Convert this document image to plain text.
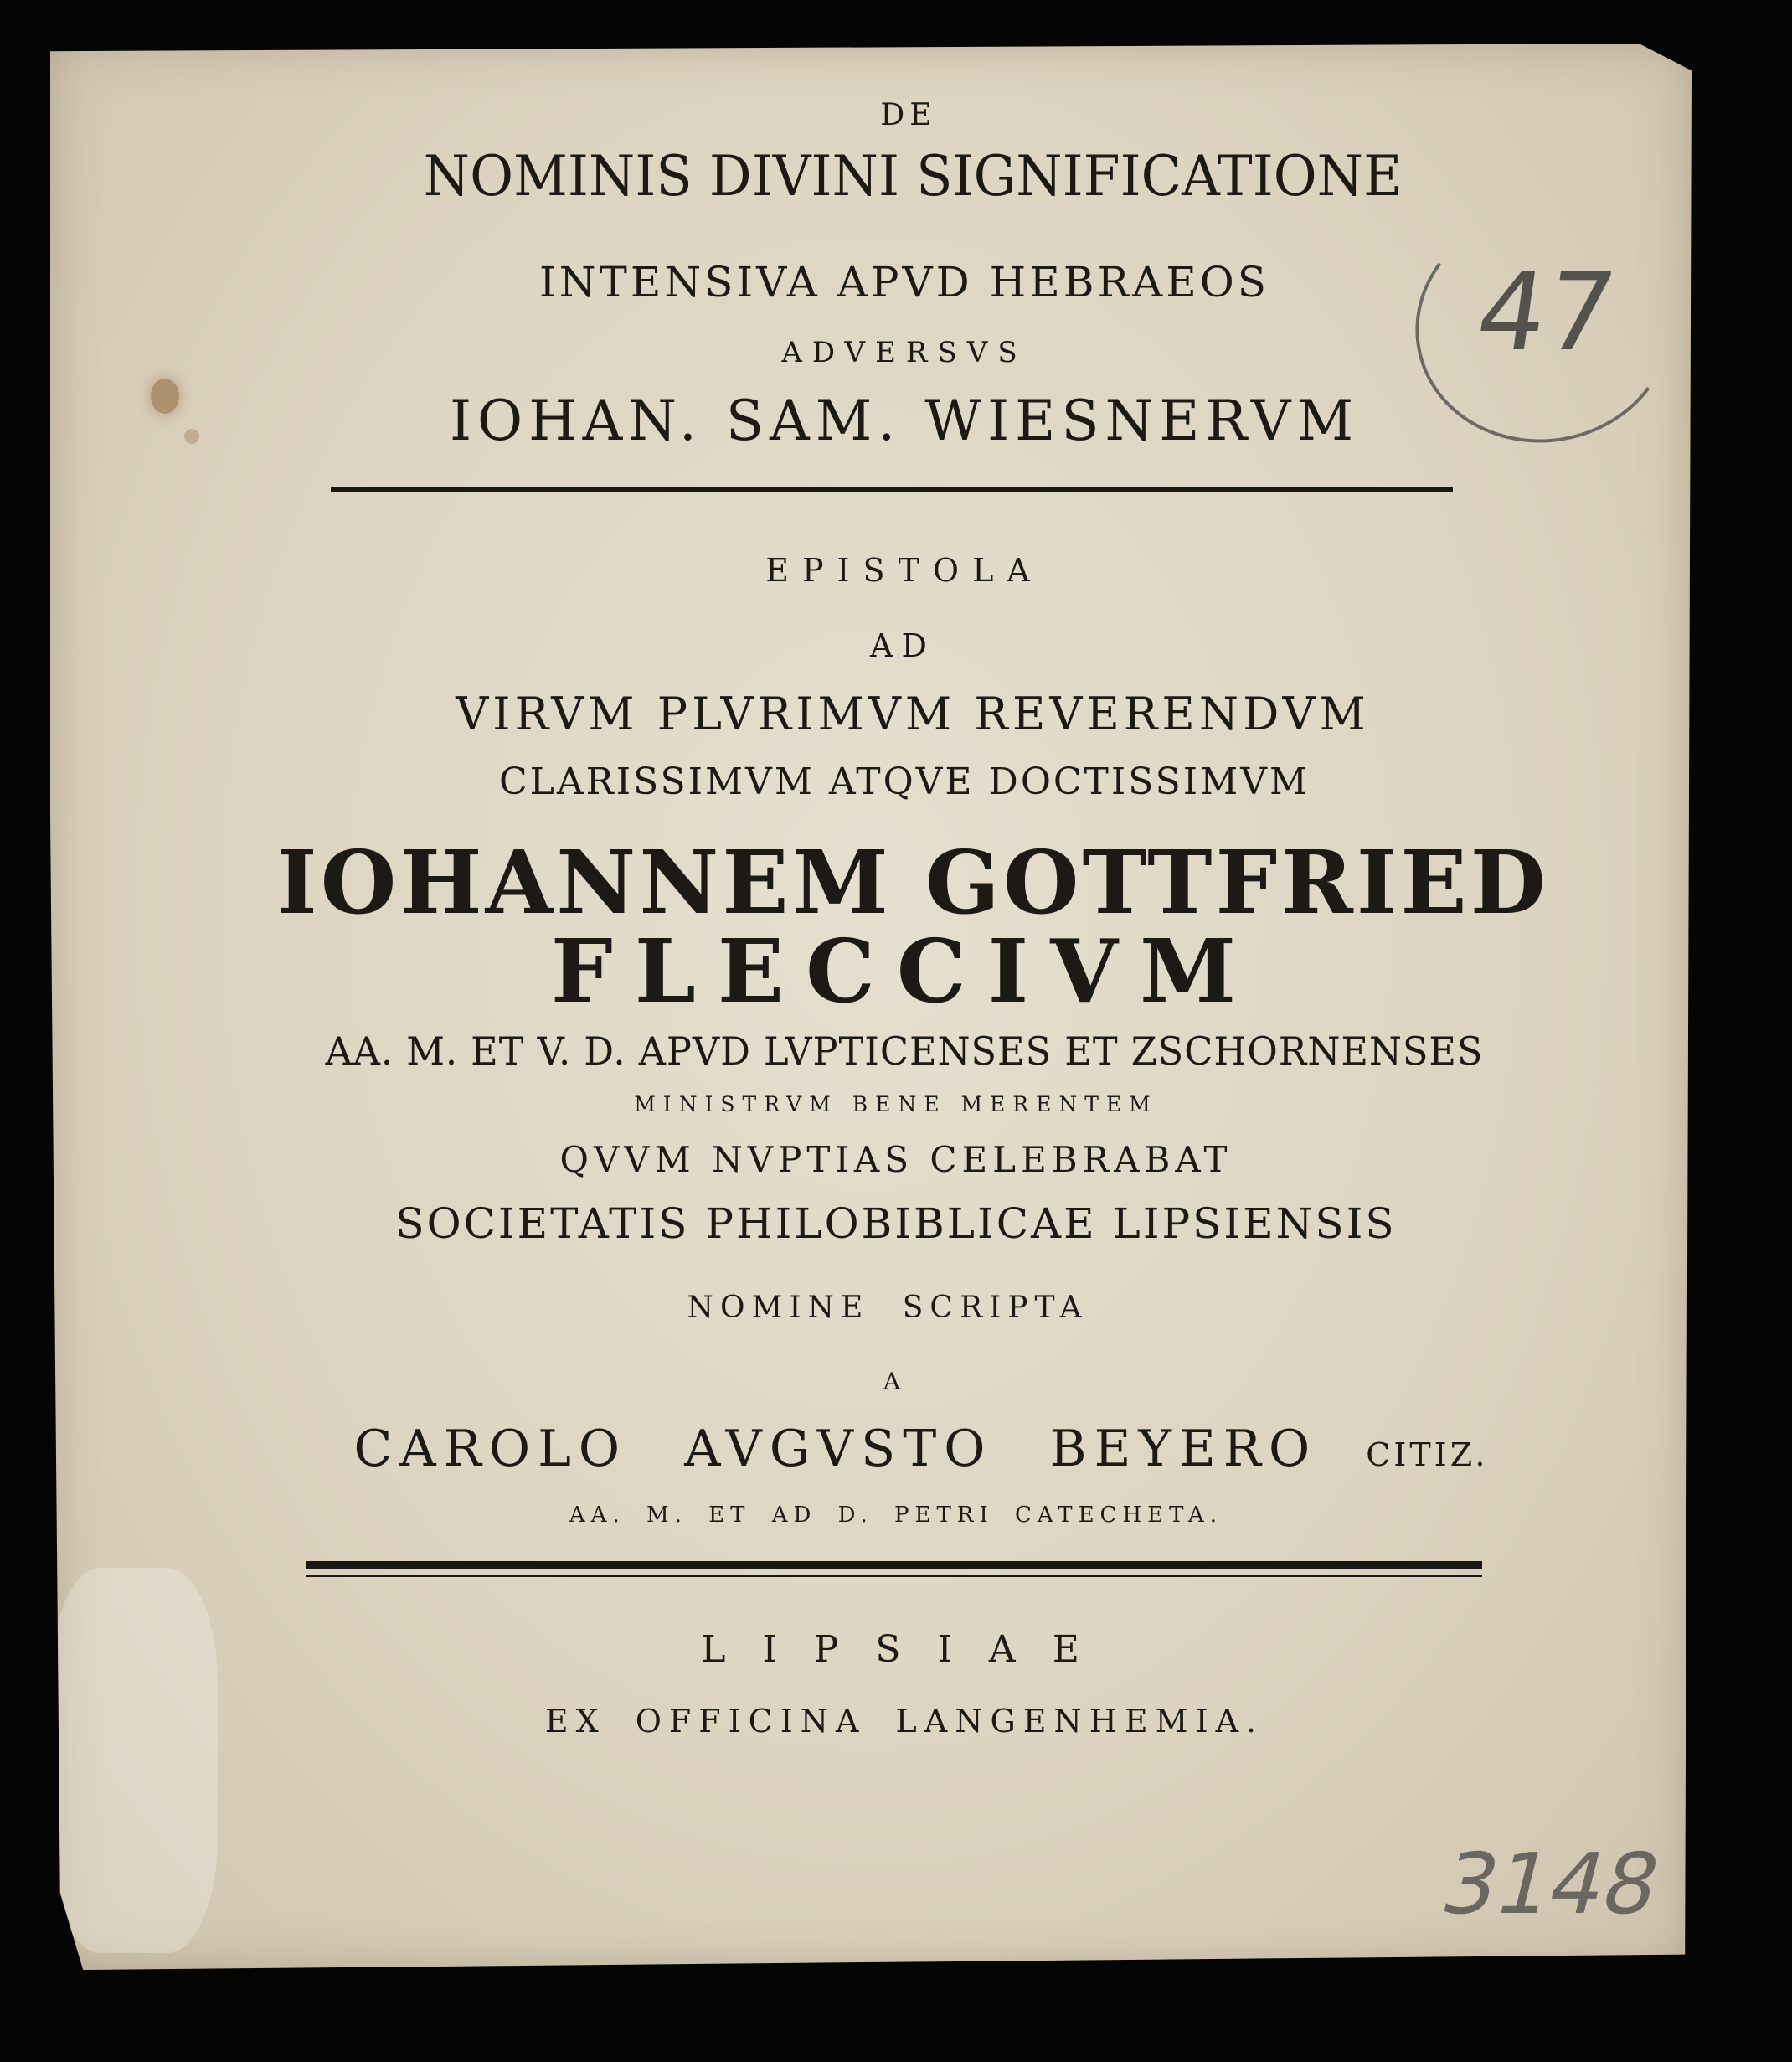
DE
NOMINIS DIVINI SIGNIFICATIONE
INTENSIVA APVD HEBRAEOS
ADVERSVS
IOHAN. SAM. WIESNERVM
EPISTOLA
AD
VIRVM PLVRIMVM REVERENDVM
CLARISSIMVM ATQVE DOCTISSIMVM
IOHANNEM GOTTFRIED
FLECCIVM
AA. M. ET V. D. APVD LVPTICENSES ET ZSCHORNENSES
MINISTRVM BENE MERENTEM
QVVM NVPTIAS CELEBRABAT
SOCIETATIS PHILOBIBLICAE LIPSIENSIS
NOMINE SCRIPTA
A
CAROLO AVGVSTO BEYERO CITIZ.
AA. M. ET AD D. PETRI CATECHETA.
LIPSIAE
EX OFFICINA LANGENHEMIA.
47
3148
